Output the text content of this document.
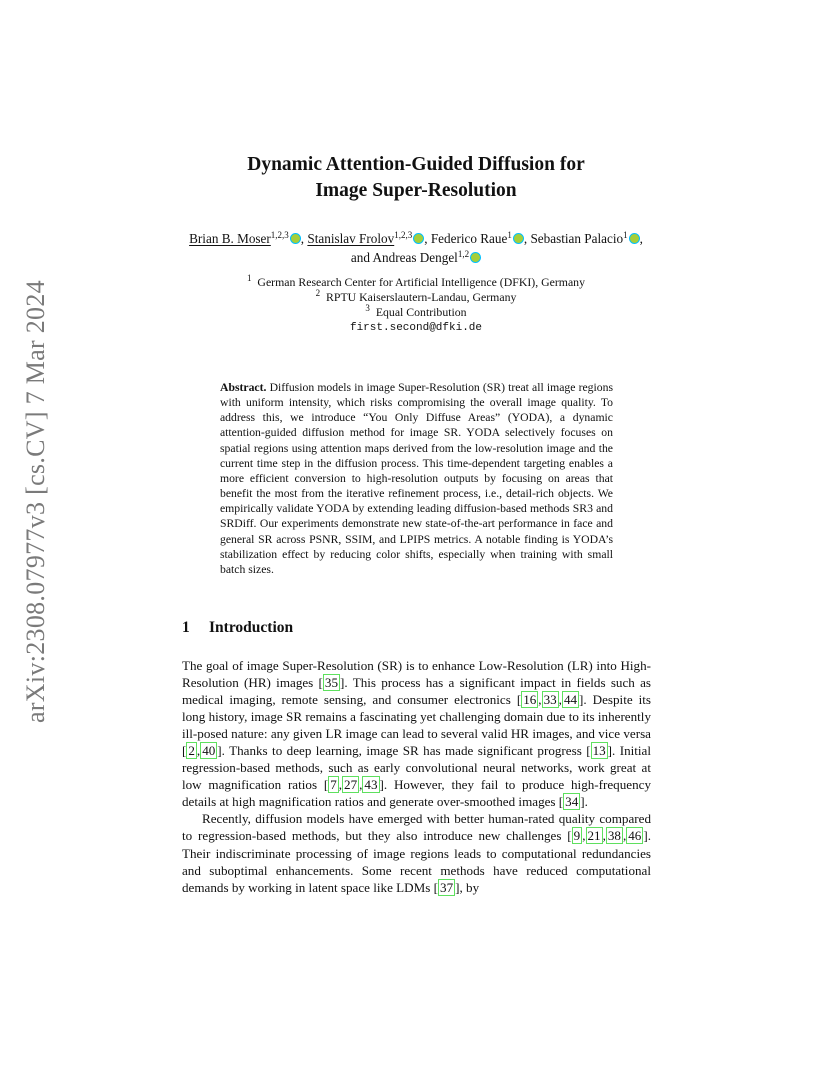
arXiv:2308.07977v3 [cs.CV] 7 Mar 2024
Dynamic Attention-Guided Diffusion for
Image Super-Resolution
Brian B. Moser$^{1,2,3}$ , Stanislav Frolov$^{1,2,3}$ , Federico Raue$^1$ , Sebastian Palacio$^1$ , and Andreas Dengel$^{1,2}$
$^1$ German Research Center for Artificial Intelligence (DFKI), Germany
$^2$ RPTU Kaiserslautern-Landau, Germany
$^3$ Equal Contribution
first.second@dfki.de
Abstract. Diffusion models in image Super-Resolution (SR) treat all image regions with uniform intensity, which risks compromising the overall image quality. To address this, we introduce “You Only Diffuse Areas” (YODA), a dynamic attention-guided diffusion method for image SR. YODA selectively focuses on spatial regions using attention maps derived from the low-resolution image and the current time step in the diffusion process. This time-dependent targeting enables a more efficient conversion to high-resolution outputs by focusing on areas that benefit the most from the iterative refinement process, i.e., detail-rich objects. We empirically validate YODA by extending leading diffusion-based methods SR3 and SRDiff. Our experiments demonstrate new state-of-the-art performance in face and general SR across PSNR, SSIM, and LPIPS metrics. A notable finding is YODA’s stabilization effect by reducing color shifts, especially when training with small batch sizes.
1 Introduction

The goal of image Super-Resolution (SR) is to enhance Low-Resolution (LR) into High-Resolution (HR) images [ 35 ]. This process has a significant impact in fields such as medical imaging, remote sensing, and consumer electronics [ 16 , 33 , 44 ]. Despite its long history, image SR remains a fascinating yet challenging domain due to its inherently ill-posed nature: any given LR image can lead to several valid HR images, and vice versa [ 2 , 40 ]. Thanks to deep learning, image SR has made significant progress [ 13 ]. Initial regression-based methods, such as early convolutional neural networks, work great at low magnification ratios [ 7 , 27 , 43 ]. However, they fail to produce high-frequency details at high magnification ratios and generate over-smoothed images [ 34 ].

Recently, diffusion models have emerged with better human-rated quality compared to regression-based methods, but they also introduce new challenges [ 9 , 21 , 38 , 46 ]. Their indiscriminate processing of image regions leads to computational redundancies and suboptimal enhancements. Some recent methods have reduced computational demands by working in latent space like LDMs [ 37 ], by
